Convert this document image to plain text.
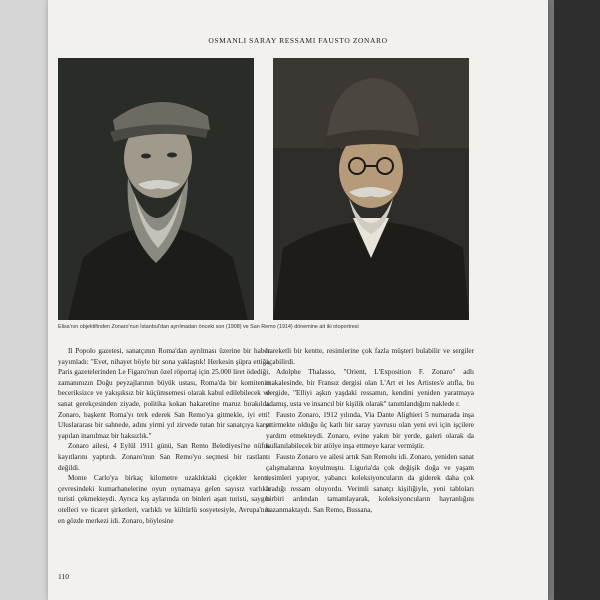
OSMANLI SARAY RESSAMI FAUSTO ZONARO
Elisa'nın objektifinden Zonaro'nun İstanbul'dan ayrılmadan önceki son (1908) ve San Remo (1914) dönemine ait iki otoportresi

Il Popolo gazetesi, sanatçının Roma'dan ayrılması üzerine bir haber yayımladı: "Evet, nihayet böyle bir sona yaklaştık! Herkesin şüpra ettiği, Paris gazetelerinden Le Figaro'nun özel röportaj için 25.000 liret ödediği, zamanınızın Doğu peyzajlarının büyük ustası, Roma'da bir komitenin beceriksizce ve yakışıksız bir küçümsemesi olarak kabul edilebilecek ve sanat gerekçesinden ziyade, politika kokan hakaretine maruz bırakıldı. Zonaro, başkent Roma'yı terk ederek San Remo'ya gitmekle, iyi etti! Uluslararası bir sahnede, adını yirmi yıl zirvede tutan bir sanatçıya karşı yapılan inanılmaz bir haksızlık."

Zonaro ailesi, 4 Eylül 1911 günü, San Remo Belediyesi'ne nüfus kayıtlarını yaptırdı. Zonaro'nun San Remo'yu seçmesi bir rastlantı değildi.

Monte Carlo'ya birkaç kilometre uzaklıktaki çiçekler kenti, çevresindeki kumarhanelerine oyun oynamaya gelen sayısız varlıklı turisti çekmekteydi. Ayrıca kış aylarında on binleri aşan turisti, saygın otelleri ve ticaret şirketleri, varlıklı ve kültürlü sosyetesiyle, Avrupa'nın en gözde merkezi idi. Zonaro, böylesine

hareketli bir kentte, resimlerine çok fazla müşteri bulabilir ve sergiler açabilirdi.

Adolphe Thalasso, "Orient, L'Exposition F. Zonaro" adlı makalesinde, bir Fransız dergisi olan L'Art et les Artistes'e atıfla, bu dergide, "Elliyi aşkın yaşdaki ressamın, kendini yeniden yaratmaya adamış, usta ve insancıl bir kişilik olarak" tanımlandığını naklede r.

Fausto Zonaro, 1912 yılında, Via Dante Alighieri 5 numarada inşa ettirmekte olduğu üç katlı bir saray yavrusu olan yeni evi için işçilere yardım etmekteydi. Zonaro, evine yakın bir yerde, galeri olarak da kullanılabilecek bir atölye inşa ettmeye karar vermiştir.

Fausto Zonaro ve ailesi artık San Remolu idi. Zonaro, yeniden sanat çalışmalarına koyulmuştu. Liguria'da çok değişik doğa ve yaşam resimleri yapıyor, yabancı koleksiyoncuların da giderek daha çok aradığı ressam oluyordu. Verimli sanatçı kişiliğiyle, yeni tabloları birbiri ardından tamamlayarak, koleksiyoncuların hayranlığını kazanmaktaydı. San Remo, Bussana,

110
